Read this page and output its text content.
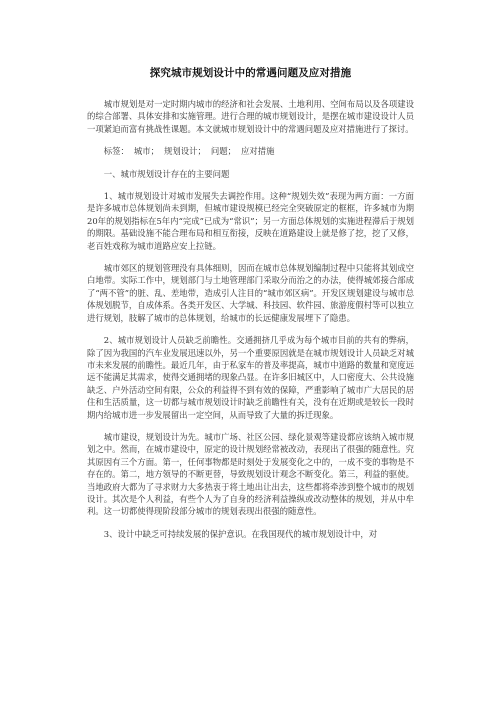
探究城市规划设计中的常遇问题及应对措施

城市规划是对一定时期内城市的经济和社会发展、土地利用、空间布局以及各项建设的综合部署、具体安排和实施管理。进行合理的城市规划设计，是摆在城市建设设计人员一项紧迫而富有挑战性课题。本文就城市规划设计中的常遇问题及应对措施进行了探讨。

标签： 城市； 规划设计； 问题； 应对措施

一、城市规划设计存在的主要问题

1、城市规划设计对城市发展失去调控作用。这种“规划失效”表现为两方面：一方面是许多城市总体规划尚未到期，但城市建设规模已经完全突破原定的框框，许多城市为期20年的规划指标在5年内“完成”已成为“常识”；另一方面总体规划的实施进程滞后于规划的期限。基础设施不能合理布局和相互衔接，反映在道路建设上就是修了挖，挖了又修，老百姓戏称为城市道路应安上拉链。

城市郊区的规划管理没有具体细则，因而在城市总体规划编制过程中只能将其划成空白地带。实际工作中，规划部门与土地管理部门采取分而治之的办法，使得城郊接合部成了“两不管”的脏、乱、差地带，造成引人注目的“城市郊区病”。开发区规划建设与城市总体规划脱节，自成体系。各类开发区、大学城、科技园、软件园、旅游度假村等可以独立进行规划，肢解了城市的总体规划，给城市的长远健康发展埋下了隐患。

2、城市规划设计人员缺乏前瞻性。交通拥挤几乎成为每个城市目前的共有的弊病，除了因为我国的汽车业发展迅速以外，另一个重要原因就是在城市规划设计人员缺乏对城市未来发展的前瞻性。最近几年，由于私家车的普及率提高，城市中道路的数量和宽度远远不能满足其需求，使得交通拥堵的现象凸显。在许多旧城区中，人口密度大、公共设施缺乏、户外活动空间有限，公众的利益得不到有效的保障，严重影响了城市广大居民的居住和生活质量，这一切都与城市规划设计时缺乏前瞻性有关，没有在近期或是较长一段时期内给城市进一步发展留出一定空间，从而导致了大量的拆迁现象。

城市建设，规划设计为先。城市广场、社区公园、绿化景观等建设都应该纳入城市规划之中。然而，在城市建设中，原定的设计规划经常被改动，表现出了很强的随意性。究其原因有三个方面。第一，任何事物都是时刻处于发展变化之中的，一成不变的事物是不存在的。第二，地方领导的不断更替，导致规划设计观念不断变化。第三，利益的驱使。当地政府大都为了寻求财力大多热衷于将土地出让出去，这些都将牵涉到整个城市的规划设计。其次是个人利益，有些个人为了自身的经济利益操纵或改动整体的规划，并从中牟利。这一切都使得现阶段部分城市的规划表现出很强的随意性。

3、设计中缺乏可持续发展的保护意识。在我国现代的城市规划设计中，对
